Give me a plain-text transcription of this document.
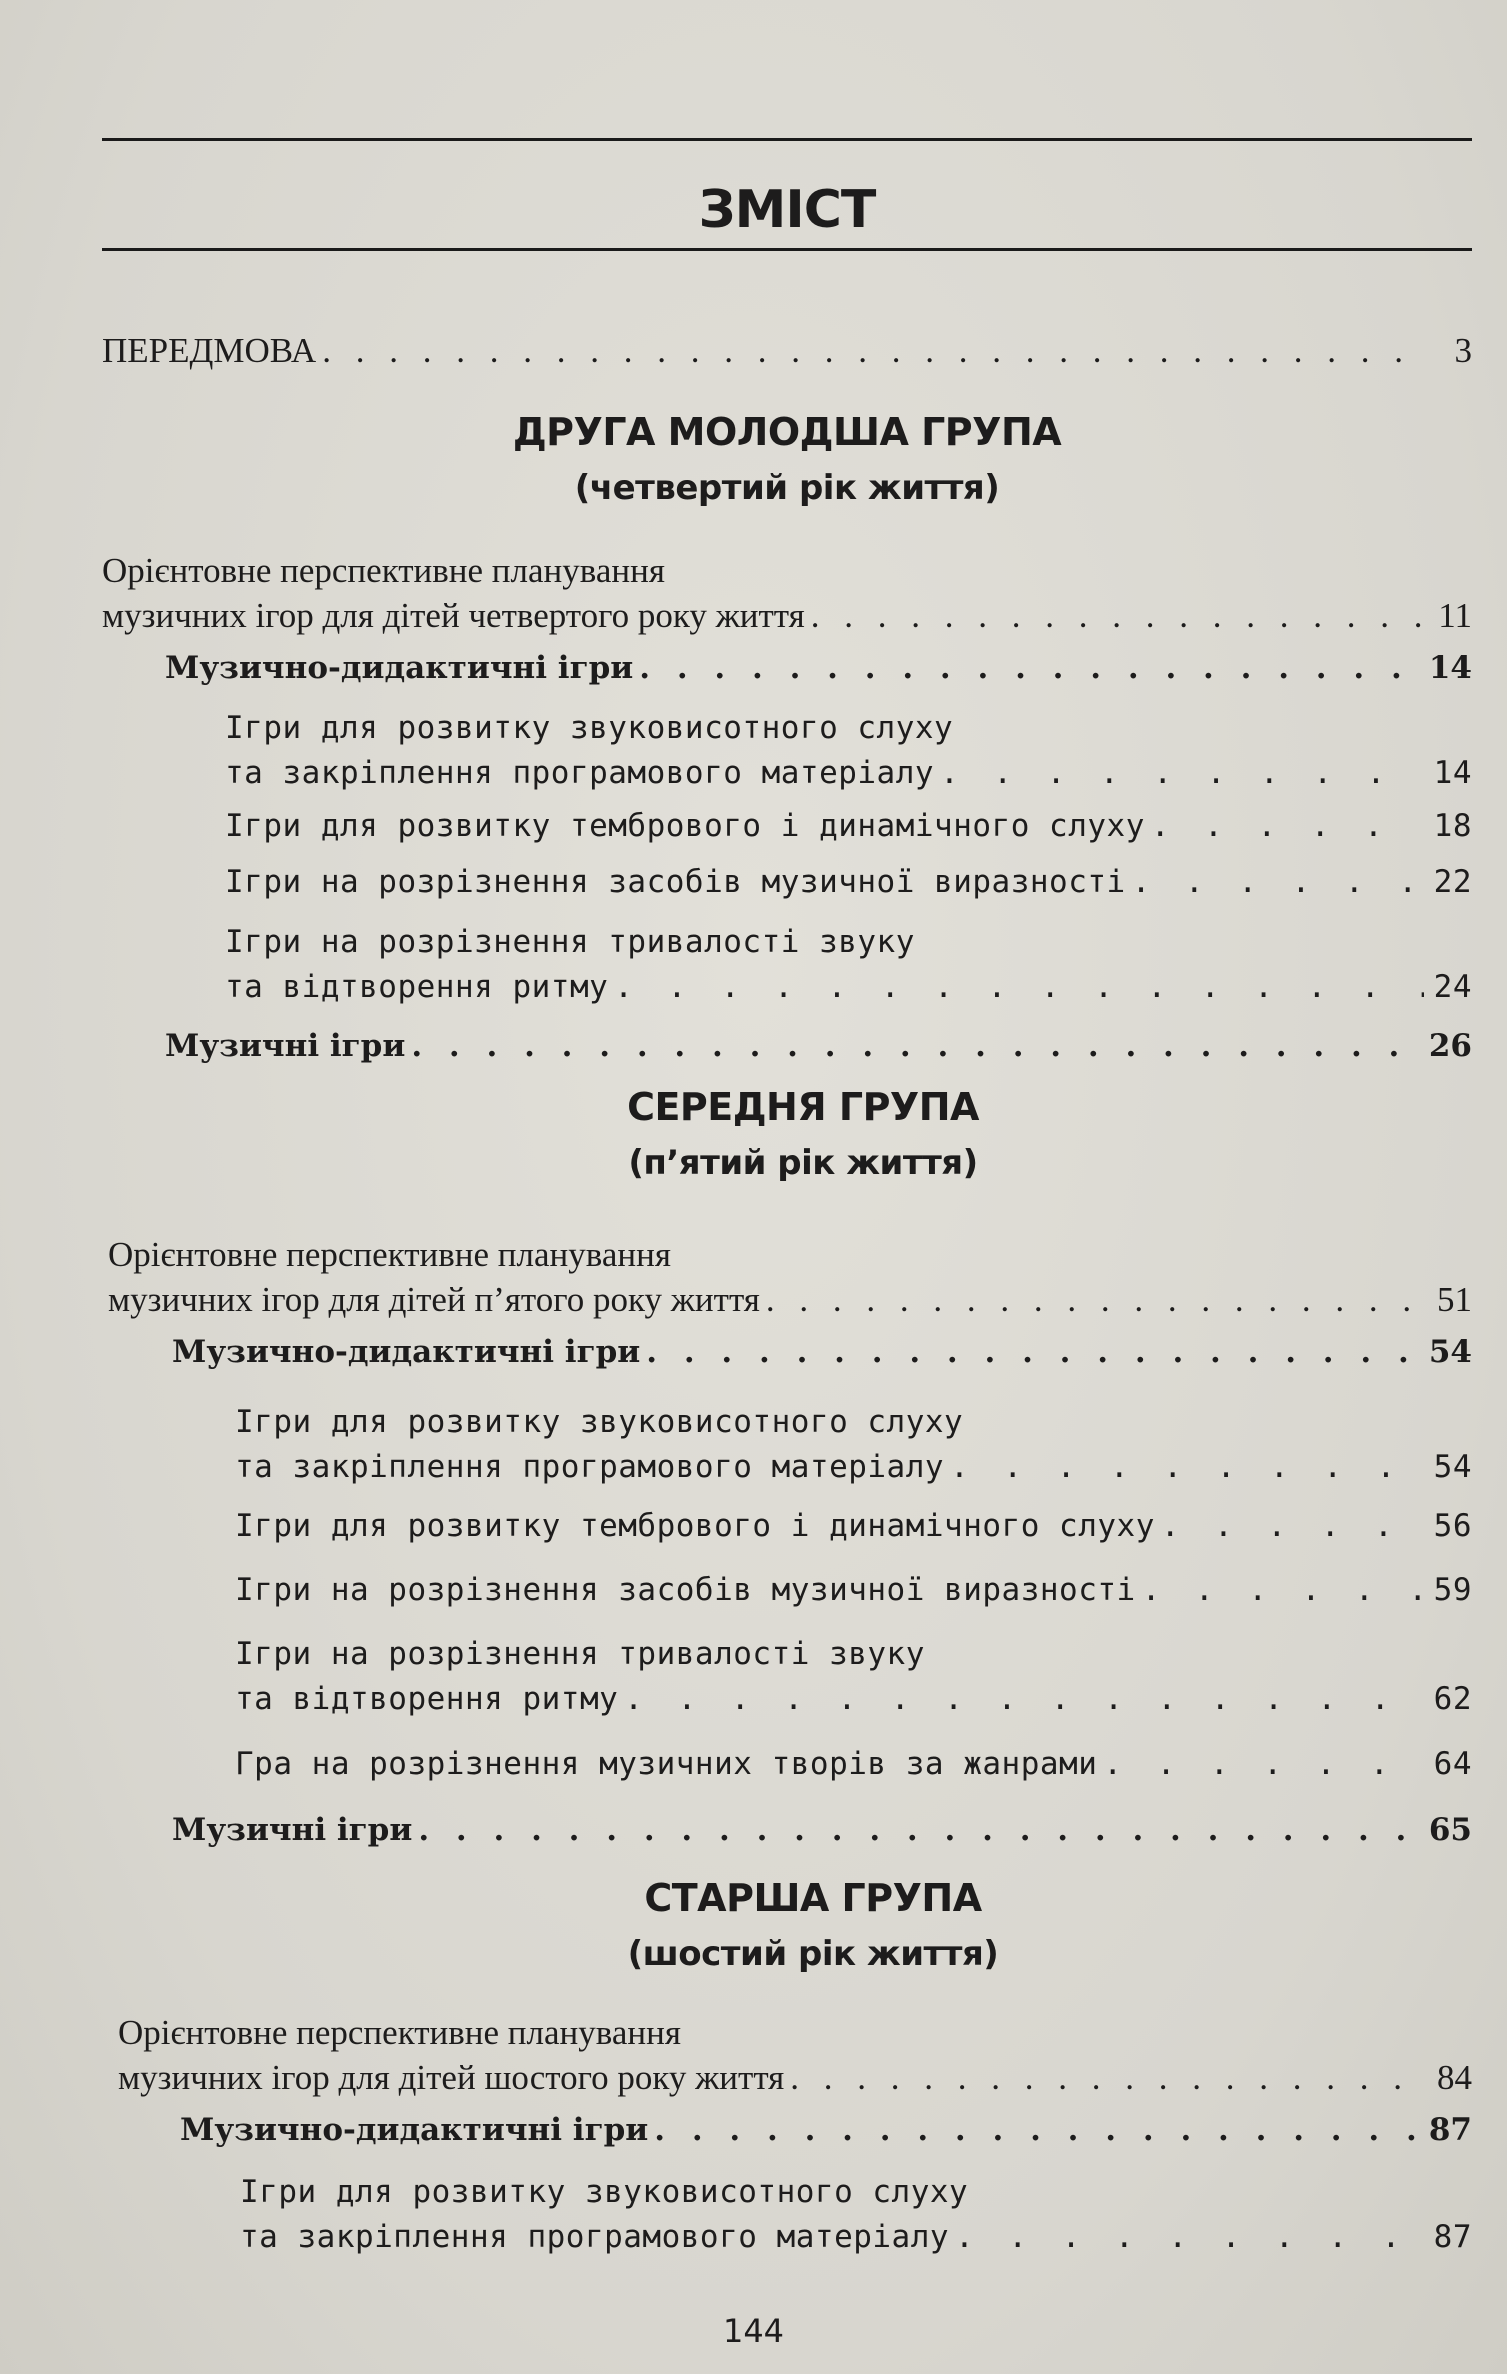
ЗМІСТ
ПЕРЕДМОВА . . .	3
ДРУГА МОЛОДША ГРУПА
(четвертий рік життя)
Орієнтовне перспективне планування
музичних ігор для дітей четвертого року життя . . .	11
Музично-дидактичні ігри . . .	14
Ігри для розвитку звуковисотного слуху
та закріплення програмового матеріалу . . .	14
Ігри для розвитку тембрового і динамічного слуху . . .	18
Ігри на розрізнення засобів музичної виразності . . .	22
Ігри на розрізнення тривалості звуку
та відтворення ритму . . .	24
Музичні ігри . . .	26
СЕРЕДНЯ ГРУПА
(п’ятий рік життя)
Орієнтовне перспективне планування
музичних ігор для дітей п’ятого року життя . . .	51
Музично-дидактичні ігри . . .	54
Ігри для розвитку звуковисотного слуху
та закріплення програмового матеріалу . . .	54
Ігри для розвитку тембрового і динамічного слуху . . .	56
Ігри на розрізнення засобів музичної виразності . . .	59
Ігри на розрізнення тривалості звуку
та відтворення ритму . . .	62
Гра на розрізнення музичних творів за жанрами . . .	64
Музичні ігри . . .	65
СТАРША ГРУПА
(шостий рік життя)
Орієнтовне перспективне планування
музичних ігор для дітей шостого року життя . . .	84
Музично-дидактичні ігри . . .	87
Ігри для розвитку звуковисотного слуху
та закріплення програмового матеріалу . . .	87
144
